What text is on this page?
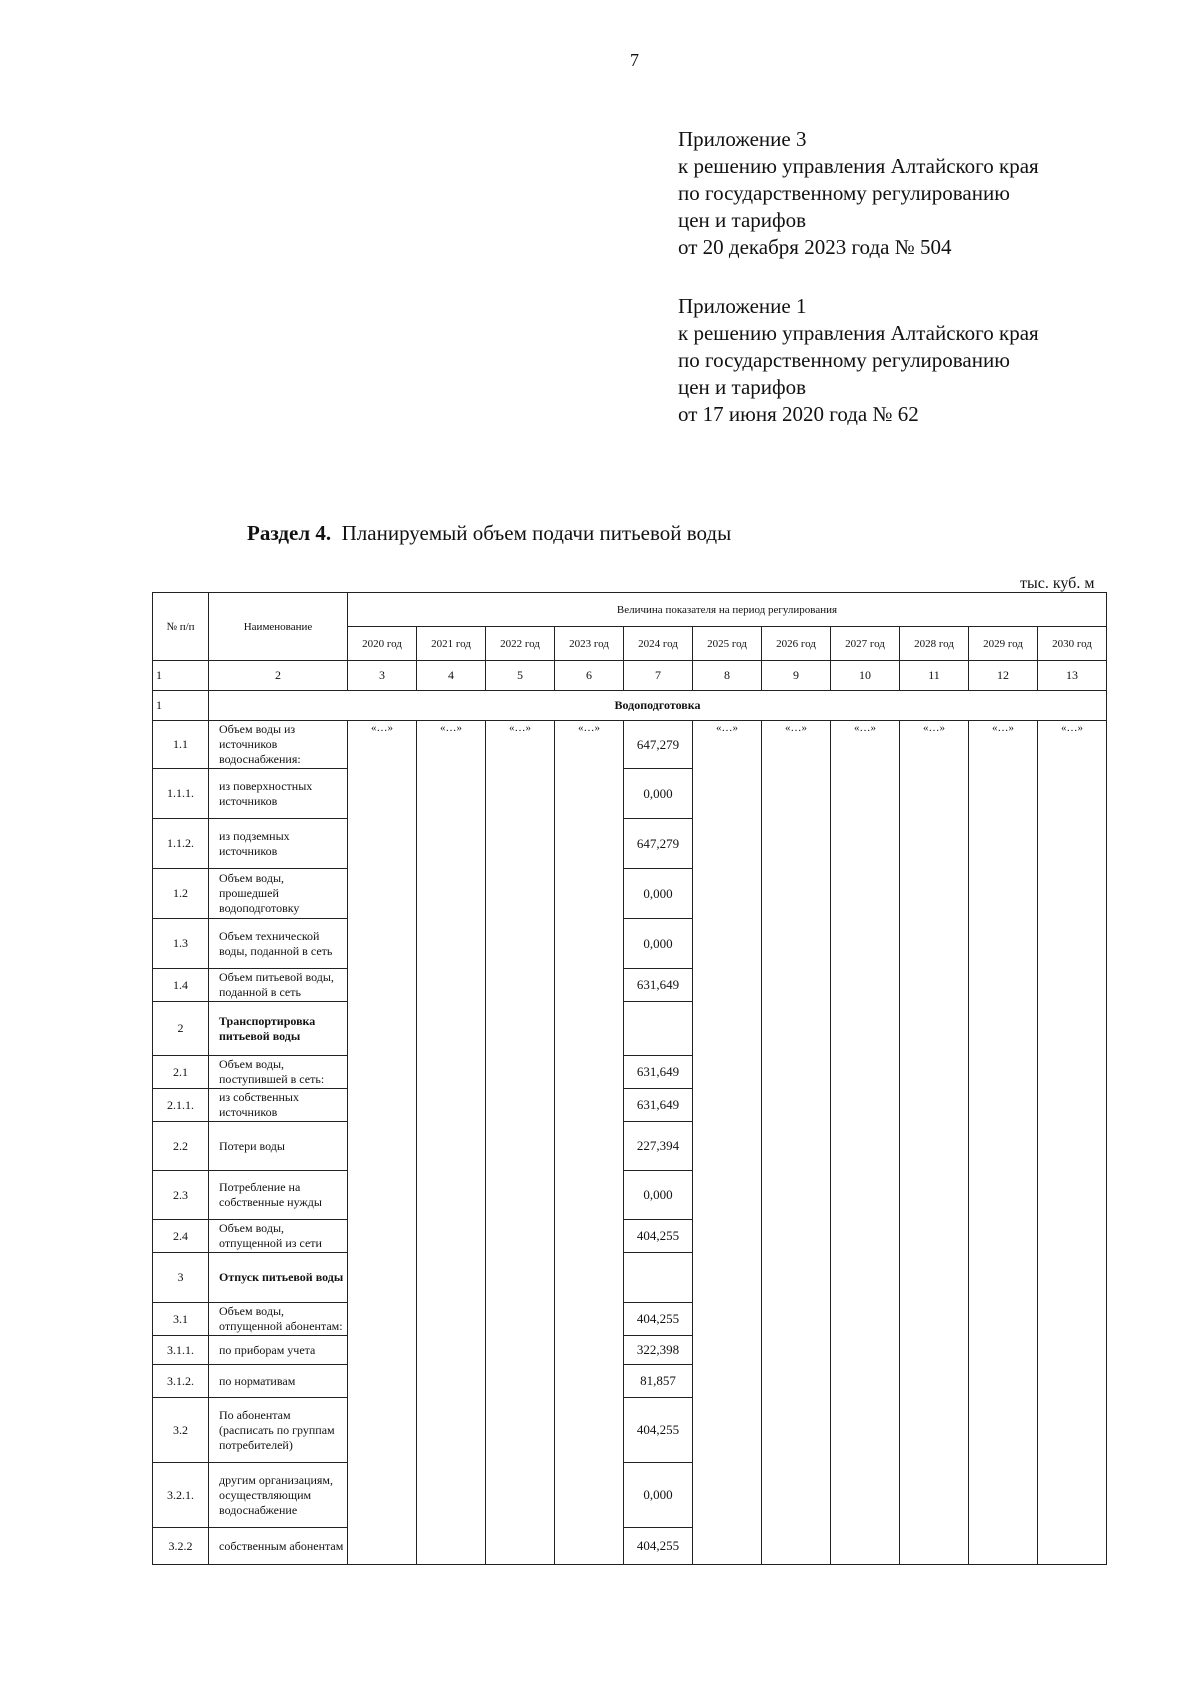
7
Приложение 3
к решению управления Алтайского края
по государственному регулированию
цен и тарифов
от 20 декабря 2023 года № 504
Приложение 1
к решению управления Алтайского края
по государственному регулированию
цен и тарифов
от 17 июня 2020 года № 62
Раздел 4. Планируемый объем подачи питьевой воды
тыс. куб. м
№ п/п	Наименование	Величина показателя на период регулирования										
		2020 год	2021 год	2022 год	2023 год	2024 год	2025 год	2026 год	2027 год	2028 год	2029 год	2030 год
1	2	3	4	5	6	7	8	9	10	11	12	13
1	Водоподготовка											
1.1	Объем воды из источников водоснабжения:	«…»	«…»	«…»	«…»	647,279	«…»	«…»	«…»	«…»	«…»	«…»
1.1.1.	из поверхностных источников					0,000						
1.1.2.	из подземных источников					647,279						
1.2	Объем воды, прошедшей водоподготовку					0,000						
1.3	Объем технической воды, поданной в сеть					0,000						
1.4	Объем питьевой воды, поданной в сеть					631,649						
2	Транспортировка питьевой воды											
2.1	Объем воды, поступившей в сеть:					631,649						
2.1.1.	из собственных источников					631,649						
2.2	Потери воды					227,394						
2.3	Потребление на собственные нужды					0,000						
2.4	Объем воды, отпущенной из сети					404,255						
3	Отпуск питьевой воды											
3.1	Объем воды, отпущенной абонентам:					404,255						
3.1.1.	по приборам учета					322,398						
3.1.2.	по нормативам					81,857						
3.2	По абонентам (расписать по группам потребителей)					404,255						
3.2.1.	другим организациям, осуществляющим водоснабжение					0,000						
3.2.2	собственным абонентам					404,255						
